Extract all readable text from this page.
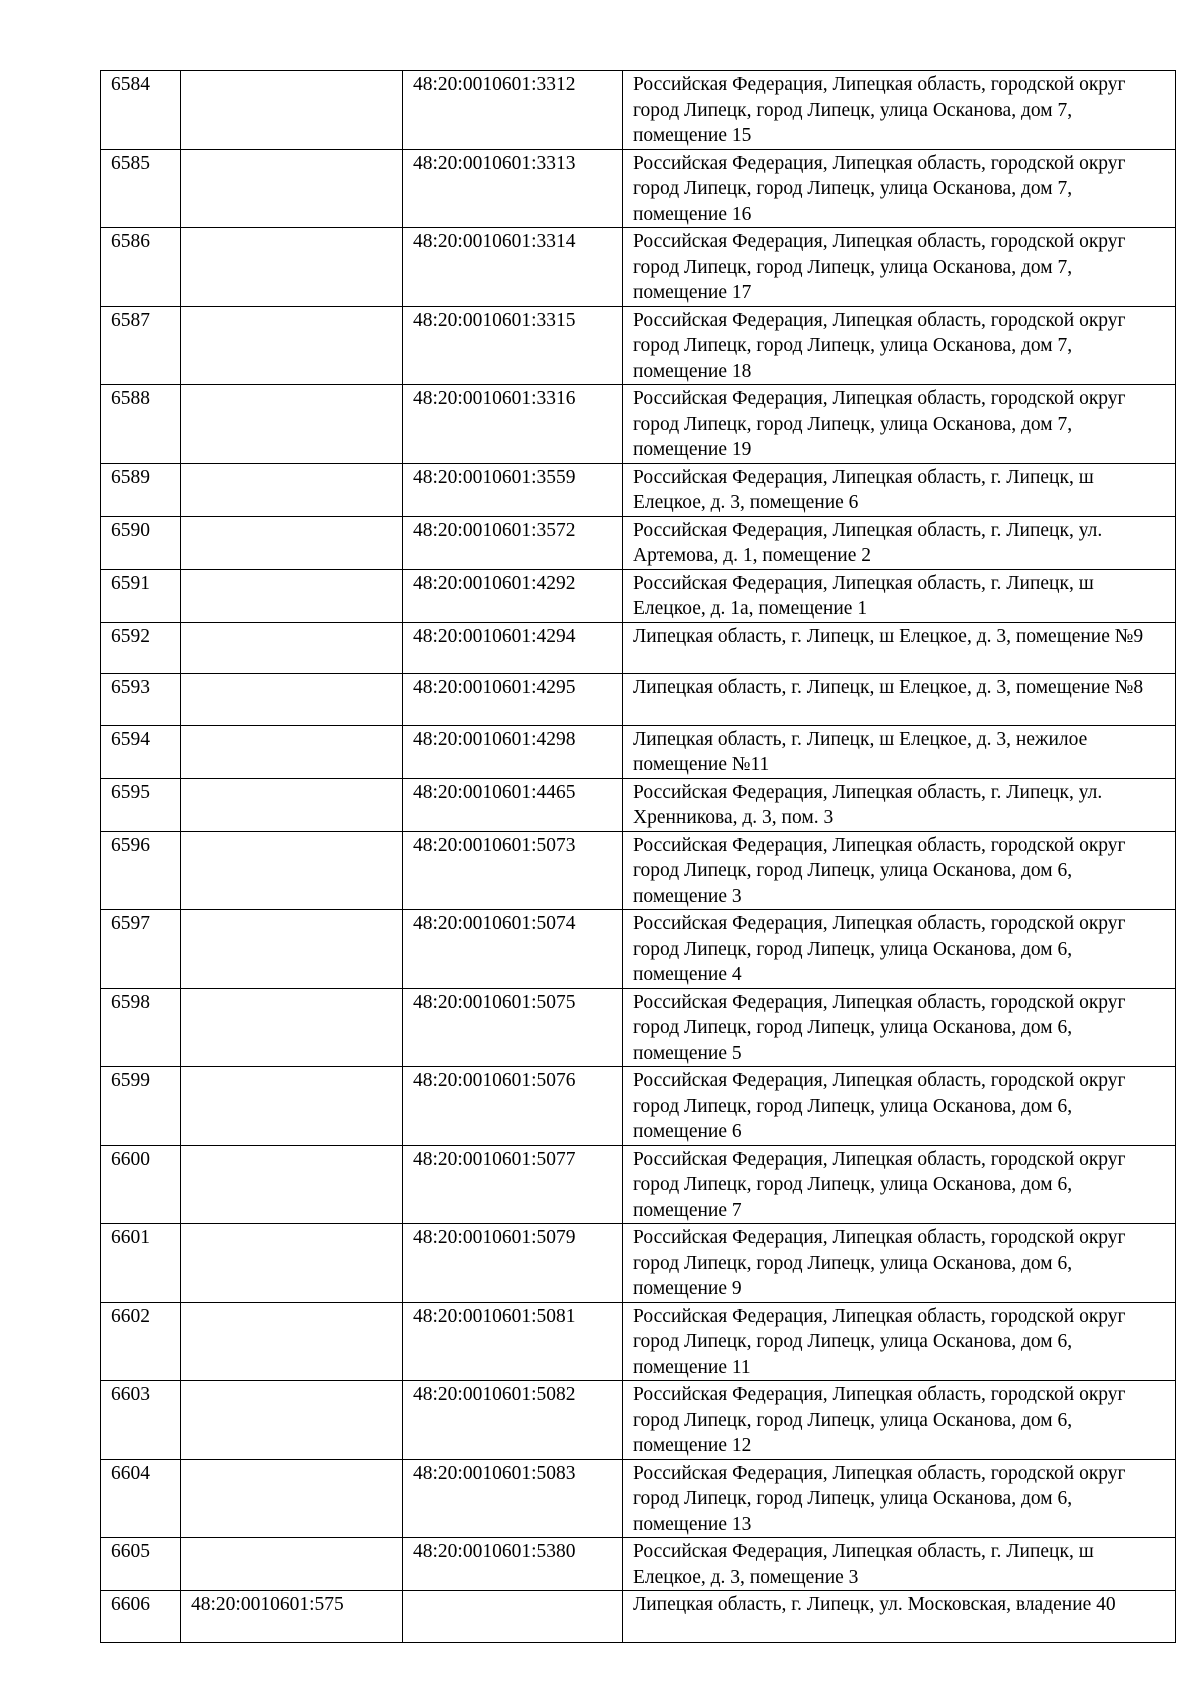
6584		48:20:0010601:3312	Российская Федерация, Липецкая область, городской округ город Липецк, город Липецк, улица Осканова, дом 7, помещение 15
6585		48:20:0010601:3313	Российская Федерация, Липецкая область, городской округ город Липецк, город Липецк, улица Осканова, дом 7, помещение 16
6586		48:20:0010601:3314	Российская Федерация, Липецкая область, городской округ город Липецк, город Липецк, улица Осканова, дом 7, помещение 17
6587		48:20:0010601:3315	Российская Федерация, Липецкая область, городской округ город Липецк, город Липецк, улица Осканова, дом 7, помещение 18
6588		48:20:0010601:3316	Российская Федерация, Липецкая область, городской округ город Липецк, город Липецк, улица Осканова, дом 7, помещение 19
6589		48:20:0010601:3559	Российская Федерация, Липецкая область, г. Липецк, ш Елецкое, д. 3, помещение 6
6590		48:20:0010601:3572	Российская Федерация, Липецкая область, г. Липецк, ул. Артемова, д. 1, помещение 2
6591		48:20:0010601:4292	Российская Федерация, Липецкая область, г. Липецк, ш Елецкое, д. 1а, помещение 1
6592		48:20:0010601:4294	Липецкая область, г. Липецк, ш Елецкое, д. 3, помещение №9
6593		48:20:0010601:4295	Липецкая область, г. Липецк, ш Елецкое, д. 3, помещение №8
6594		48:20:0010601:4298	Липецкая область, г. Липецк, ш Елецкое, д. 3, нежилое помещение №11
6595		48:20:0010601:4465	Российская Федерация, Липецкая область, г. Липецк, ул. Хренникова, д. 3, пом. 3
6596		48:20:0010601:5073	Российская Федерация, Липецкая область, городской округ город Липецк, город Липецк, улица Осканова, дом 6, помещение 3
6597		48:20:0010601:5074	Российская Федерация, Липецкая область, городской округ город Липецк, город Липецк, улица Осканова, дом 6, помещение 4
6598		48:20:0010601:5075	Российская Федерация, Липецкая область, городской округ город Липецк, город Липецк, улица Осканова, дом 6, помещение 5
6599		48:20:0010601:5076	Российская Федерация, Липецкая область, городской округ город Липецк, город Липецк, улица Осканова, дом 6, помещение 6
6600		48:20:0010601:5077	Российская Федерация, Липецкая область, городской округ город Липецк, город Липецк, улица Осканова, дом 6, помещение 7
6601		48:20:0010601:5079	Российская Федерация, Липецкая область, городской округ город Липецк, город Липецк, улица Осканова, дом 6, помещение 9
6602		48:20:0010601:5081	Российская Федерация, Липецкая область, городской округ город Липецк, город Липецк, улица Осканова, дом 6, помещение 11
6603		48:20:0010601:5082	Российская Федерация, Липецкая область, городской округ город Липецк, город Липецк, улица Осканова, дом 6, помещение 12
6604		48:20:0010601:5083	Российская Федерация, Липецкая область, городской округ город Липецк, город Липецк, улица Осканова, дом 6, помещение 13
6605		48:20:0010601:5380	Российская Федерация, Липецкая область, г. Липецк, ш Елецкое, д. 3, помещение 3
6606	48:20:0010601:575		Липецкая область, г. Липецк, ул. Московская, владение 40
